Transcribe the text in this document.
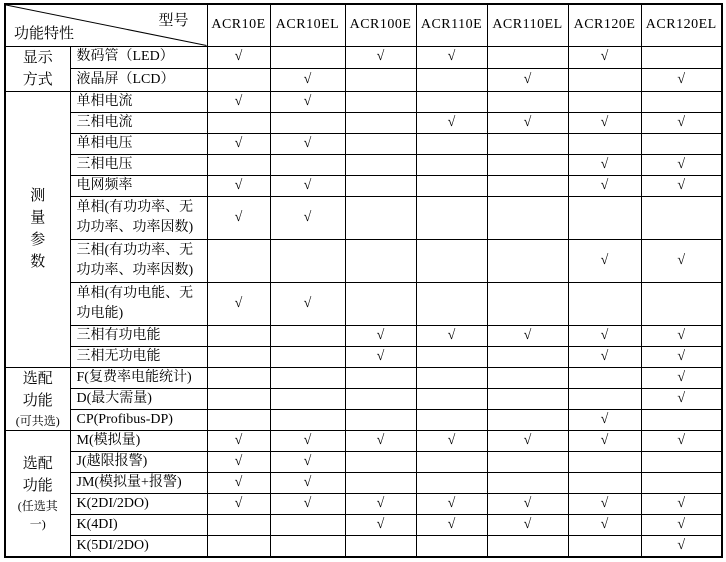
型号
功能特性		ACR10E	ACR10EL	ACR100E	ACR110E	ACR110EL	ACR120E	ACR120EL

显示
方式	数码管（LED）	√		√	√		√	
	液晶屏（LCD）		√			√		√

测
量
参
数	单相电流	√	√					
	三相电流				√	√	√	√
	单相电压	√	√					
	三相电压						√	√
	电网频率	√	√				√	√
	单相(有功功率、无功功率、功率因数)	√	√					
	三相(有功功率、无功功率、功率因数)						√	√
	单相(有功电能、无功电能)	√	√					
	三相有功电能			√	√	√	√	√
	三相无功电能			√			√	√

选配
功能
(可共选)	F(复费率电能统计)							√
	D(最大需量)							√
	CP(Profibus-DP)						√	

选配
功能
(任选其
一)	M(模拟量)	√	√	√	√	√	√	√
	J(越限报警)	√	√					
	JM(模拟量+报警)	√	√					
	K(2DI/2DO)	√	√	√	√	√	√	√
	K(4DI)			√	√	√	√	√
	K(5DI/2DO)							√
